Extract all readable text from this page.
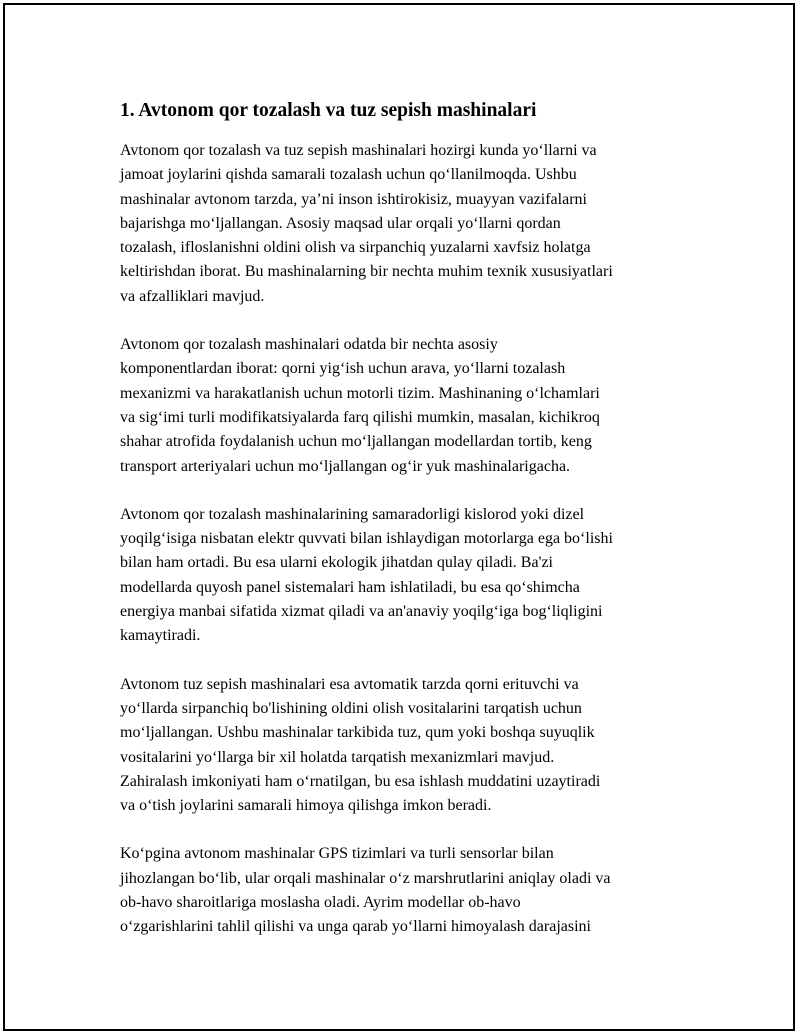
1. Avtonom qor tozalash va tuz sepish mashinalari

Avtonom qor tozalash va tuz sepish mashinalari hozirgi kunda yo‘llarni va
jamoat joylarini qishda samarali tozalash uchun qo‘llanilmoqda. Ushbu
mashinalar avtonom tarzda, ya’ni inson ishtirokisiz, muayyan vazifalarni
bajarishga mo‘ljallangan. Asosiy maqsad ular orqali yo‘llarni qordan
tozalash, ifloslanishni oldini olish va sirpanchiq yuzalarni xavfsiz holatga
keltirishdan iborat. Bu mashinalarning bir nechta muhim texnik xususiyatlari
va afzalliklari mavjud.

Avtonom qor tozalash mashinalari odatda bir nechta asosiy
komponentlardan iborat: qorni yig‘ish uchun arava, yo‘llarni tozalash
mexanizmi va harakatlanish uchun motorli tizim. Mashinaning o‘lchamlari
va sig‘imi turli modifikatsiyalarda farq qilishi mumkin, masalan, kichikroq
shahar atrofida foydalanish uchun mo‘ljallangan modellardan tortib, keng
transport arteriyalari uchun mo‘ljallangan og‘ir yuk mashinalarigacha.

Avtonom qor tozalash mashinalarining samaradorligi kislorod yoki dizel
yoqilg‘isiga nisbatan elektr quvvati bilan ishlaydigan motorlarga ega bo‘lishi
bilan ham ortadi. Bu esa ularni ekologik jihatdan qulay qiladi. Ba'zi
modellarda quyosh panel sistemalari ham ishlatiladi, bu esa qo‘shimcha
energiya manbai sifatida xizmat qiladi va an'anaviy yoqilg‘iga bog‘liqligini
kamaytiradi.

Avtonom tuz sepish mashinalari esa avtomatik tarzda qorni erituvchi va
yo‘llarda sirpanchiq bo'lishining oldini olish vositalarini tarqatish uchun
mo‘ljallangan. Ushbu mashinalar tarkibida tuz, qum yoki boshqa suyuqlik
vositalarini yo‘llarga bir xil holatda tarqatish mexanizmlari mavjud.
Zahiralash imkoniyati ham o‘rnatilgan, bu esa ishlash muddatini uzaytiradi
va o‘tish joylarini samarali himoya qilishga imkon beradi.

Ko‘pgina avtonom mashinalar GPS tizimlari va turli sensorlar bilan
jihozlangan bo‘lib, ular orqali mashinalar o‘z marshrutlarini aniqlay oladi va
ob-havo sharoitlariga moslasha oladi. Ayrim modellar ob-havo
o‘zgarishlarini tahlil qilishi va unga qarab yo‘llarni himoyalash darajasini
